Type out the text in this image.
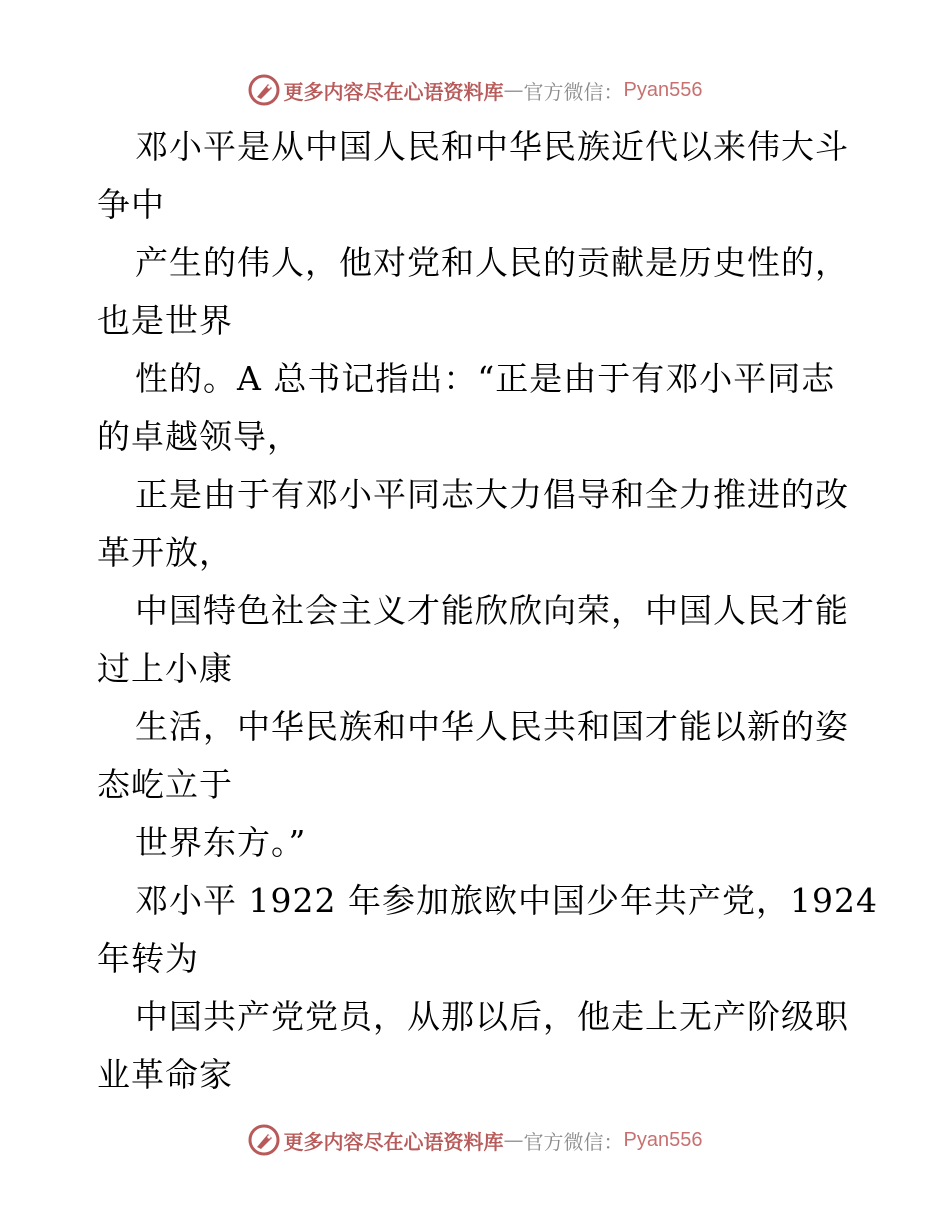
更多内容尽在心语资料库 — 官方微信： Pyan556
邓小平是从中国人民和中华民族近代以来伟大斗
争中
产生的伟人，他对党和人民的贡献是历史性的，
也是世界
性的。A 总书记指出：“正是由于有邓小平同志
的卓越领导，
正是由于有邓小平同志大力倡导和全力推进的改
革开放，
中国特色社会主义才能欣欣向荣，中国人民才能
过上小康
生活，中华民族和中华人民共和国才能以新的姿
态屹立于
世界东方。”
邓小平 1922 年参加旅欧中国少年共产党，1924
年转为
中国共产党党员，从那以后，他走上无产阶级职
业革命家
更多内容尽在心语资料库 — 官方微信： Pyan556
